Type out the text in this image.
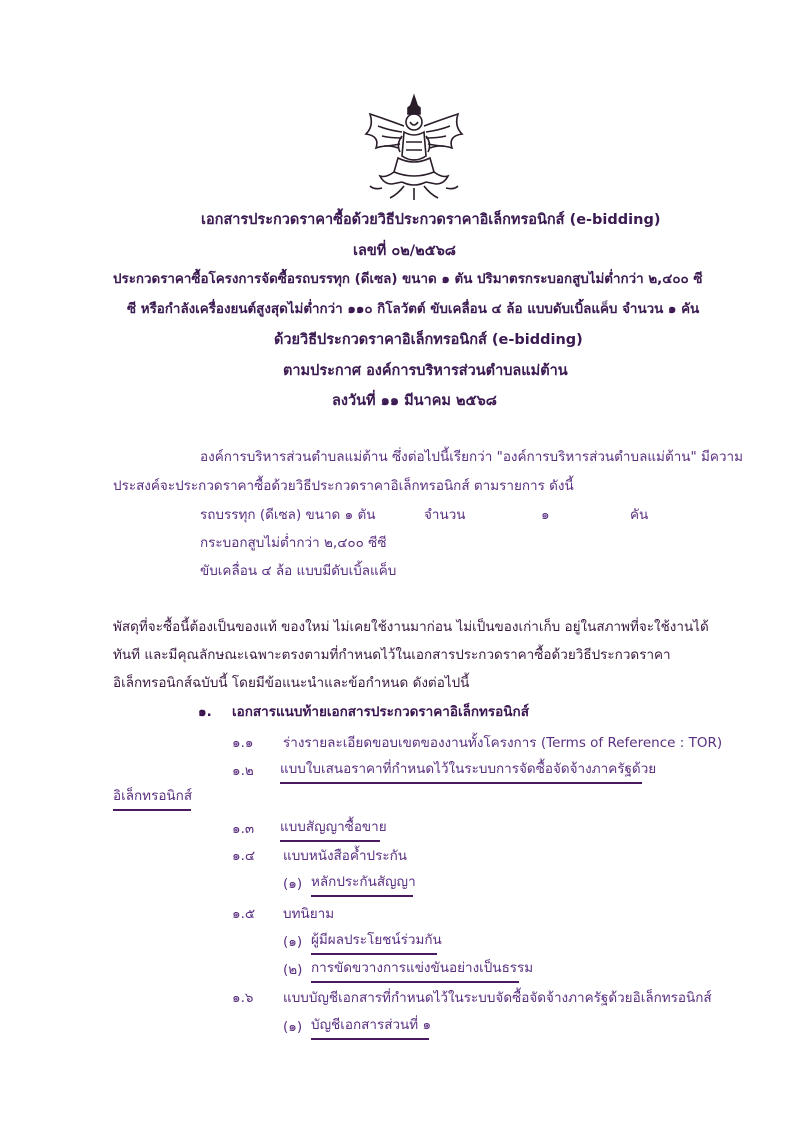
เอกสารประกวดราคาซื้อด้วยวิธีประกวดราคาอิเล็กทรอนิกส์ (e-bidding)
เลขที่ ๐๒/๒๕๖๘
ประกวดราคาซื้อโครงการจัดซื้อรถบรรทุก (ดีเซล) ขนาด ๑ ตัน ปริมาตรกระบอกสูบไม่ต่ำกว่า ๒,๔๐๐ ซี
ซี หรือกำลังเครื่องยนต์สูงสุดไม่ต่ำกว่า ๑๑๐ กิโลวัตต์ ขับเคลื่อน ๔ ล้อ แบบดับเบิ้ลแค็บ จำนวน ๑ คัน
ด้วยวิธีประกวดราคาอิเล็กทรอนิกส์ (e-bidding)
ตามประกาศ องค์การบริหารส่วนตำบลแม่ต้าน
ลงวันที่ ๑๑ มีนาคม ๒๕๖๘
องค์การบริหารส่วนตำบลแม่ต้าน ซึ่งต่อไปนี้เรียกว่า "องค์การบริหารส่วนตำบลแม่ต้าน" มีความ
ประสงค์จะประกวดราคาซื้อด้วยวิธีประกวดราคาอิเล็กทรอนิกส์ ตามรายการ ดังนี้
รถบรรทุก (ดีเซล) ขนาด ๑ ตัน	จำนวน	๑	คัน
กระบอกสูบไม่ต่ำกว่า ๒,๔๐๐ ซีซี
ขับเคลื่อน ๔ ล้อ แบบมีดับเบิ้ลแค็บ
พัสดุที่จะซื้อนี้ต้องเป็นของแท้ ของใหม่ ไม่เคยใช้งานมาก่อน ไม่เป็นของเก่าเก็บ อยู่ในสภาพที่จะใช้งานได้
ทันที และมีคุณลักษณะเฉพาะตรงตามที่กำหนดไว้ในเอกสารประกวดราคาซื้อด้วยวิธีประกวดราคา
อิเล็กทรอนิกส์ฉบับนี้ โดยมีข้อแนะนำและข้อกำหนด ดังต่อไปนี้
๑. เอกสารแนบท้ายเอกสารประกวดราคาอิเล็กทรอนิกส์
๑.๑ ร่างรายละเอียดขอบเขตของงานทั้งโครงการ (Terms of Reference : TOR)
๑.๒ แบบใบเสนอราคาที่กำหนดไว้ในระบบการจัดซื้อจัดจ้างภาครัฐด้วย
อิเล็กทรอนิกส์
๑.๓ แบบสัญญาซื้อขาย
๑.๔ แบบหนังสือค้ำประกัน
(๑) หลักประกันสัญญา
๑.๕ บทนิยาม
(๑) ผู้มีผลประโยชน์ร่วมกัน
(๒) การขัดขวางการแข่งขันอย่างเป็นธรรม
๑.๖ แบบบัญชีเอกสารที่กำหนดไว้ในระบบจัดซื้อจัดจ้างภาครัฐด้วยอิเล็กทรอนิกส์
(๑) บัญชีเอกสารส่วนที่ ๑
